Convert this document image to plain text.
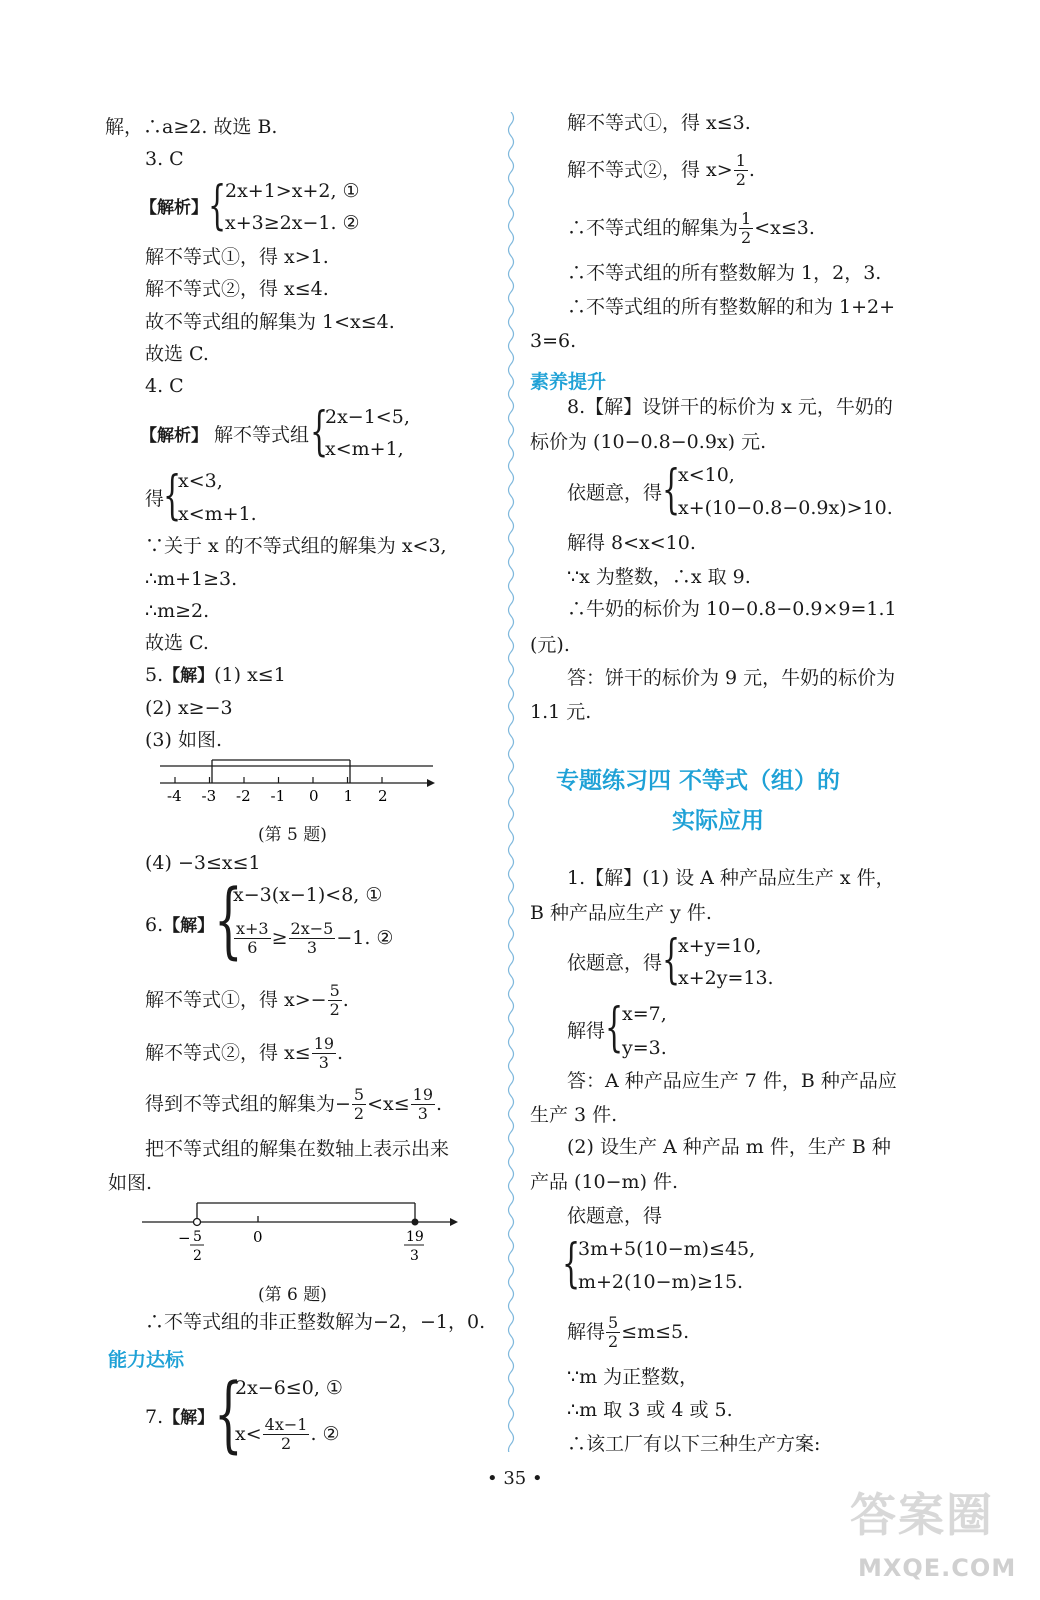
解，∴a≥2. 故选 B.
3. C
【解析】 {
2x+1>x+2, ①
x+3≥2x−1. ②
解不等式①，得 x>1.
解不等式②，得 x≤4.
故不等式组的解集为 1<x≤4.
故选 C.
4. C
【解析】 解不等式组 {
2x−1<5,
x<m+1,
得
{
x<3,
x<m+1.
∵关于 x 的不等式组的解集为 x<3,
∴m+1≥3.
∴m≥2.
故选 C.
5.【解】(1) x≤1
(2) x≥−3
(3) 如图.
-4 -3 -2 -1 0 1 2
(第 5 题)
(4) −3≤x≤1
6.【解】 {
x−3(x−1)<8, ①
$\frac{x+3}{6} \ge \frac{2x-5}{3} -1$. ②
解不等式①，得 $x>- \frac{5}{2}$ .
解不等式②，得 $x\le \frac{19}{3}$ .
得到不等式组的解集为− $\frac{5}{2} <x\le \frac{19}{3}$ .
把不等式组的解集在数轴上表示出来
如图.
− 5
2
0	19
3
(第 6 题)
∴不等式组的非正整数解为−2，−1，0.
能力达标
7.【解】 {
2x−6≤0, ①
$x< \frac{4x-1}{2}$ . ②
解不等式①，得 x≤3.
解不等式②，得 $x> \frac{1}{2}$ .
∴不等式组的解集为 $\frac{1}{2} <x\le 3$.
∴不等式组的所有整数解为 1，2，3.
∴不等式组的所有整数解的和为 1+2+
3=6.
素养提升
8.【解】设饼干的标价为 x 元，牛奶的
标价为 (10−0.8−0.9x) 元.
依题意，得 {
x<10,
x+(10−0.8−0.9x)>10.
解得 8<x<10.
∵x 为整数，∴x 取 9.
∴牛奶的标价为 10−0.8−0.9×9=1.1
(元).
答：饼干的标价为 9 元，牛奶的标价为
1.1 元.
专题练习四 不等式（组）的
实际应用
1.【解】(1) 设 A 种产品应生产 x 件，
B 种产品应生产 y 件.
依题意，得 {
x+y=10,
x+2y=13.
解得 {
x=7,
y=3.
答：A 种产品应生产 7 件，B 种产品应
生产 3 件.
(2) 设生产 A 种产品 m 件，生产 B 种
产品 (10−m) 件.
依题意，得
{
3m+5(10−m)≤45,
m+2(10−m)≥15.
解得 $\frac{5}{2} \le m\le 5$.
∵m 为正整数，
∴m 取 3 或 4 或 5.
∴该工厂有以下三种生产方案:
• 35 •
答案圈
MXQE.COM
